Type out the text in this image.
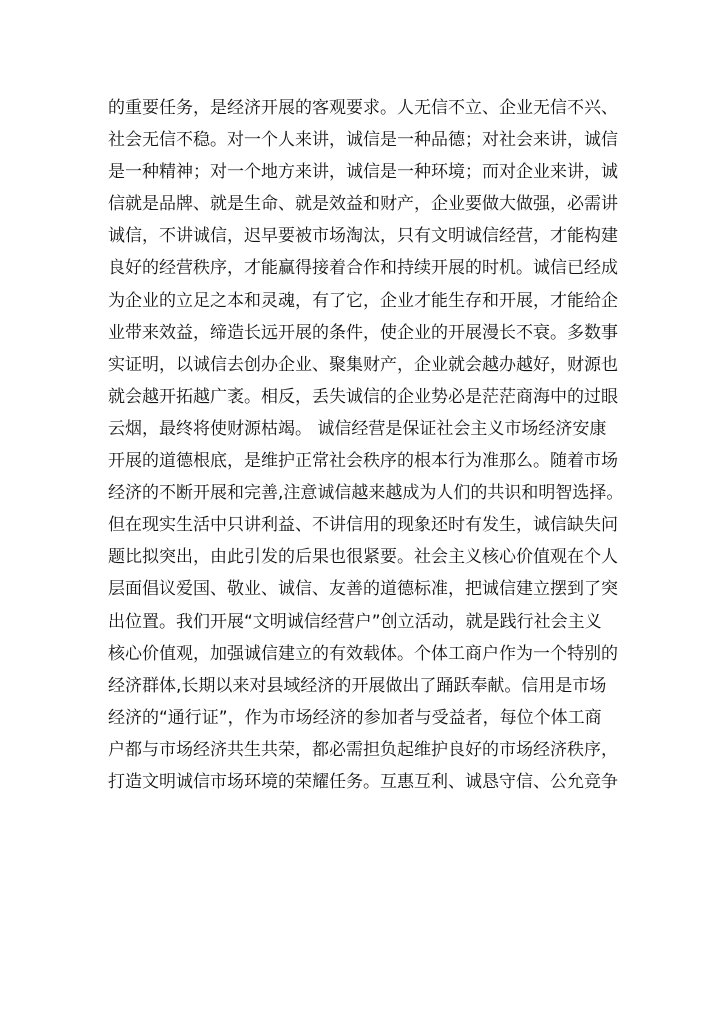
的重要任务，是经济开展的客观要求。人无信不立、企业无信不兴、
社会无信不稳。对一个人来讲，诚信是一种品德；对社会来讲，诚信
是一种精神；对一个地方来讲，诚信是一种环境；而对企业来讲，诚
信就是品牌、就是生命、就是效益和财产，企业要做大做强，必需讲
诚信，不讲诚信，迟早要被市场淘汰，只有文明诚信经营，才能构建
良好的经营秩序，才能赢得接着合作和持续开展的时机。诚信已经成
为企业的立足之本和灵魂，有了它，企业才能生存和开展，才能给企
业带来效益，缔造长远开展的条件，使企业的开展漫长不衰。多数事
实证明，以诚信去创办企业、聚集财产，企业就会越办越好，财源也
就会越开拓越广袤。相反，丢失诚信的企业势必是茫茫商海中的过眼
云烟，最终将使财源枯竭。 诚信经营是保证社会主义市场经济安康
开展的道德根底，是维护正常社会秩序的根本行为准那么。随着市场
经济的不断开展和完善,注意诚信越来越成为人们的共识和明智选择。
但在现实生活中只讲利益、不讲信用的现象还时有发生，诚信缺失问
题比拟突出，由此引发的后果也很紧要。社会主义核心价值观在个人
层面倡议爱国、敬业、诚信、友善的道德标准，把诚信建立摆到了突
出位置。我们开展“文明诚信经营户”创立活动，就是践行社会主义
核心价值观，加强诚信建立的有效载体。个体工商户作为一个特别的
经济群体,长期以来对县域经济的开展做出了踊跃奉献。信用是市场
经济的“通行证”，作为市场经济的参加者与受益者，每位个体工商
户都与市场经济共生共荣，都必需担负起维护良好的市场经济秩序，
打造文明诚信市场环境的荣耀任务。互惠互利、诚恳守信、公允竞争
